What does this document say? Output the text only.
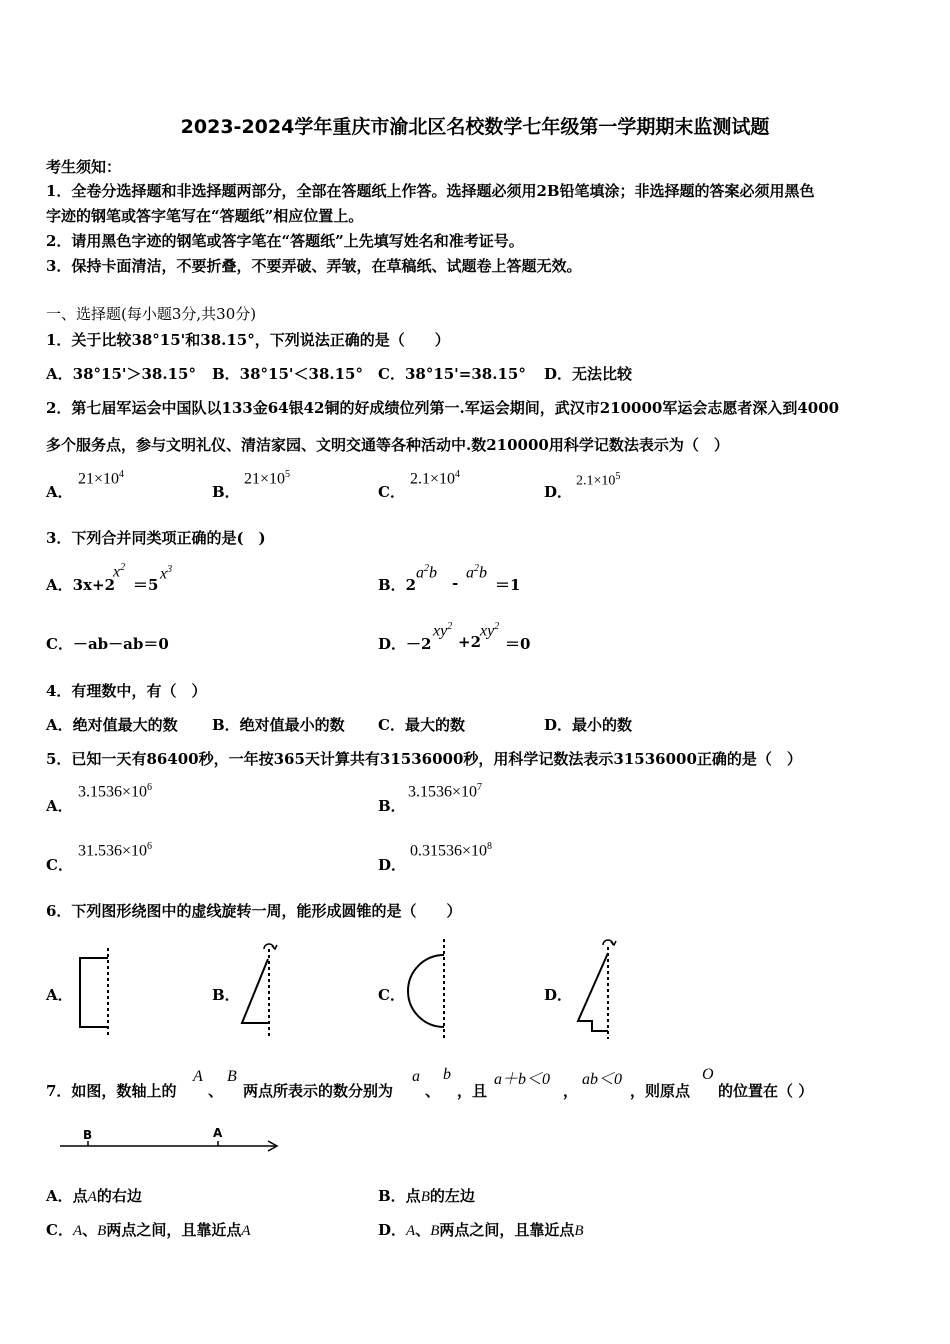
2023-2024学年重庆市渝北区名校数学七年级第一学期期末监测试题
考生须知：
1．全卷分选择题和非选择题两部分，全部在答题纸上作答。选择题必须用2B铅笔填涂；非选择题的答案必须用黑色
字迹的钢笔或答字笔写在“答题纸”相应位置上。
2．请用黑色字迹的钢笔或答字笔在“答题纸”上先填写姓名和准考证号。
3．保持卡面清洁，不要折叠，不要弄破、弄皱，在草稿纸、试题卷上答题无效。
一、选择题(每小题3分,共30分)
1．关于比较38°15'和38.15°，下列说法正确的是（　　）
A．38°15'＞38.15° B．38°15'＜38.15° C．38°15'=38.15° D．无法比较
2．第七届军运会中国队以133金64银42铜的好成绩位列第一.军运会期间，武汉市210000军运会志愿者深入到4000
多个服务点，参与文明礼仪、清洁家园、文明交通等各种活动中.数210000用科学记数法表示为（　）
A．
$21\times 10^4$
B．
$21\times 10^5$
C．
$2.1\times 10^4$
D．
$2.1\times 10^5$
3．下列合并同类项正确的是(　)
A．3x+2
$x^2$
＝5
$x^3$
B．2
$a^2b$
-
$a^2b$
＝1
C．－ab－ab＝0	D．－2
$xy^2$
+2
$xy^2$
＝0
4．有理数中，有（　）
A．绝对值最大的数 B．绝对值最小的数 C．最大的数	D．最小的数
5．已知一天有86400秒，一年按365天计算共有31536000秒，用科学记数法表示31536000正确的是（　）
A．
$3.1536\times 10^6$
B．
$3.1536\times 10^7$
C．
$31.536\times 10^6$
D．
$0.31536\times 10^8$
6．下列图形绕图中的虚线旋转一周，能形成圆锥的是（　　）
A．	B．	C．	D．
7．如图，数轴上的
A
、
B
两点所表示的数分别为
a
、
b
，且
a＋b＜0
，
ab＜0
，则原点
O
的位置在（ ）
B	A
A．点A的右边	B．点B的左边
C．A、B两点之间，且靠近点A	D．A、B两点之间，且靠近点B
